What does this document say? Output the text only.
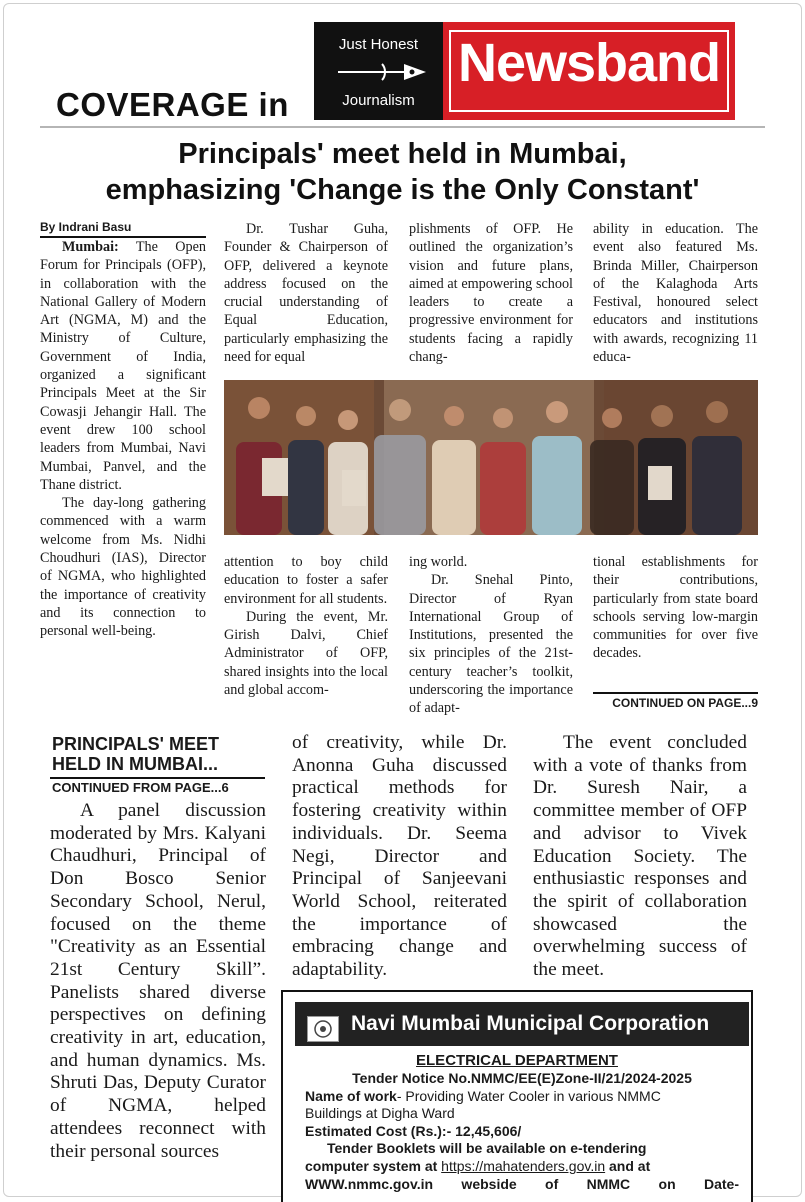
COVERAGE in
Just Honest
Journalism
Newsband
Principals' meet held in Mumbai,
emphasizing 'Change is the Only Constant'
By Indrani Basu

Mumbai: The Open Forum for Principals (OFP), in collaboration with the National Gallery of Modern Art (NGMA, M) and the Ministry of Culture, Government of India, organized a significant Principals Meet at the Sir Cowasji Jehangir Hall. The event drew 100 school leaders from Mumbai, Navi Mumbai, Panvel, and the Thane district.

The day-long gathering commenced with a warm welcome from Ms. Nidhi Choudhuri (IAS), Director of NGMA, who highlighted the importance of creativity and its connection to personal well-being.

Dr. Tushar Guha, Founder & Chairperson of OFP, delivered a keynote address focused on the crucial understanding of Equal Education, particularly emphasizing the need for equal

plishments of OFP. He outlined the organization’s vision and future plans, aimed at empowering school leaders to create a progressive environment for students facing a rapidly chang-

ability in education. The event also featured Ms. Brinda Miller, Chairperson of the Kalaghoda Arts Festival, honoured select educators and institutions with awards, recognizing 11 educa-

attention to boy child education to foster a safer environment for all students.

During the event, Mr. Girish Dalvi, Chief Administrator of OFP, shared insights into the local and global accom-

ing world.

Dr. Snehal Pinto, Director of Ryan International Group of Institutions, presented the six principles of the 21st-century teacher’s toolkit, underscoring the importance of adapt-

tional establishments for their contributions, particularly from state board schools serving low-margin communities for over five decades.

CONTINUED ON PAGE...9
PRINCIPALS' MEET
HELD IN MUMBAI...
CONTINUED FROM PAGE...6

A panel discussion moderated by Mrs. Kalyani Chaudhuri, Principal of Don Bosco Senior Secondary School, Nerul, focused on the theme "Creativity as an Essential 21st Century Skill”. Panelists shared diverse perspectives on defining creativity in art, education, and human dynamics. Ms. Shruti Das, Deputy Curator of NGMA, helped attendees reconnect with their personal sources

of creativity, while Dr. Anonna Guha discussed practical methods for fostering creativity within individuals. Dr. Seema Negi, Director and Principal of Sanjeevani World School, reiterated the importance of embracing change and adaptability.

The event concluded with a vote of thanks from Dr. Suresh Nair, a committee member of OFP and advisor to Vivek Education Society. The enthusiastic responses and the spirit of collaboration showcased the overwhelming success of the meet.

Navi Mumbai Municipal Corporation
ELECTRICAL DEPARTMENT
Tender Notice No.NMMC/EE(E)Zone-II/21/2024-2025
Name of work- Providing Water Cooler in various NMMC
Buildings at Digha Ward
Estimated Cost (Rs.):- 12,45,606/
Tender Booklets will be available on e-tendering
computer system at https://mahatenders.gov.in and at
WWW.nmmc.gov.in webside of NMMC on Date-
